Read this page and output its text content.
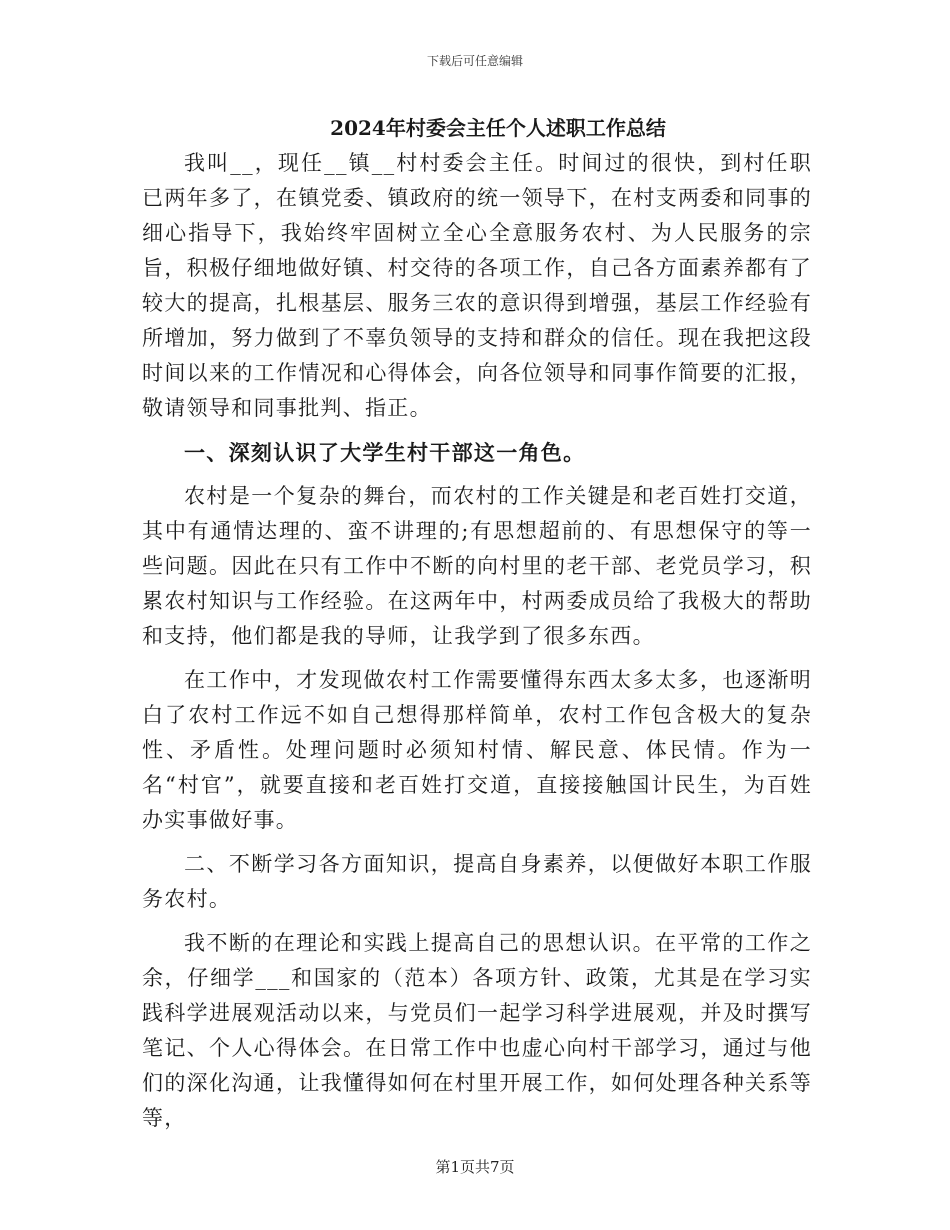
下载后可任意编辑
2024年村委会主任个人述职工作总结

我叫__，现任__镇__村村委会主任。时间过的很快，到村任职已两年多了，在镇党委、镇政府的统一领导下，在村支两委和同事的细心指导下，我始终牢固树立全心全意服务农村、为人民服务的宗旨，积极仔细地做好镇、村交待的各项工作，自己各方面素养都有了较大的提高，扎根基层、服务三农的意识得到增强，基层工作经验有所增加，努力做到了不辜负领导的支持和群众的信任。现在我把这段时间以来的工作情况和心得体会，向各位领导和同事作简要的汇报，敬请领导和同事批判、指正。

一、深刻认识了大学生村干部这一角色。

农村是一个复杂的舞台，而农村的工作关键是和老百姓打交道，其中有通情达理的、蛮不讲理的;有思想超前的、有思想保守的等一些问题。因此在只有工作中不断的向村里的老干部、老党员学习，积累农村知识与工作经验。在这两年中，村两委成员给了我极大的帮助和支持，他们都是我的导师，让我学到了很多东西。

在工作中，才发现做农村工作需要懂得东西太多太多，也逐渐明白了农村工作远不如自己想得那样简单，农村工作包含极大的复杂性、矛盾性。处理问题时必须知村情、解民意、体民情。作为一名“村官”，就要直接和老百姓打交道，直接接触国计民生，为百姓办实事做好事。

二、不断学习各方面知识，提高自身素养，以便做好本职工作服务农村。

我不断的在理论和实践上提高自己的思想认识。在平常的工作之余，仔细学___和国家的（范本）各项方针、政策，尤其是在学习实践科学进展观活动以来，与党员们一起学习科学进展观，并及时撰写笔记、个人心得体会。在日常工作中也虚心向村干部学习，通过与他们的深化沟通，让我懂得如何在村里开展工作，如何处理各种关系等等，

第1页共7页
